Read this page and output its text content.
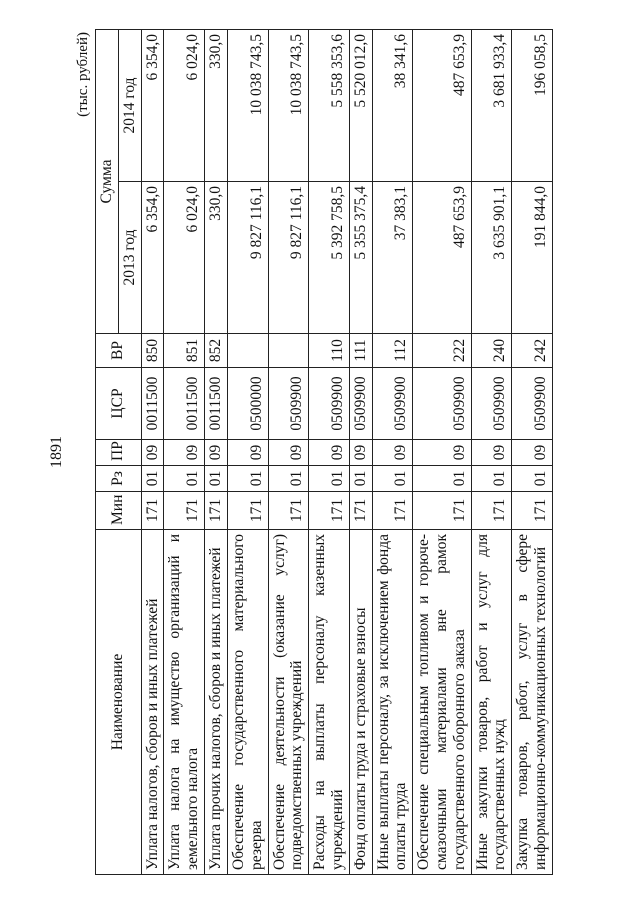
1891
(тыс. рублей)
Наименование	Мин	Рз	ПР	ЦСР	ВР	Сумма	
						2013 год	2014 год
Уплата налогов, сборов и иных платежей	171	01	09	0011500	850	6 354,0	6 354,0
Уплата налога на имущество организаций и земельного налога	171	01	09	0011500	851	6 024,0	6 024,0
Уплата прочих налогов, сборов и иных платежей	171	01	09	0011500	852	330,0	330,0
Обеспечение государственного материального резерва	171	01	09	0500000		9 827 116,1	10 038 743,5
Обеспечение деятельности (оказание услуг) подведомственных учреждений	171	01	09	0509900		9 827 116,1	10 038 743,5
Расходы на выплаты персоналу казенных учреждений	171	01	09	0509900	110	5 392 758,5	5 558 353,6
Фонд оплаты труда и страховые взносы	171	01	09	0509900	111	5 355 375,4	5 520 012,0
Иные выплаты персоналу, за исключением фонда оплаты труда	171	01	09	0509900	112	37 383,1	38 341,6
Обеспечение специальным топливом и горюче-смазочными материалами вне рамок государственного оборонного заказа	171	01	09	0509900	222	487 653,9	487 653,9
Иные закупки товаров, работ и услуг для государственных нужд	171	01	09	0509900	240	3 635 901,1	3 681 933,4
Закупка товаров, работ, услуг в сфере информационно-коммуникационных технологий	171	01	09	0509900	242	191 844,0	196 058,5
